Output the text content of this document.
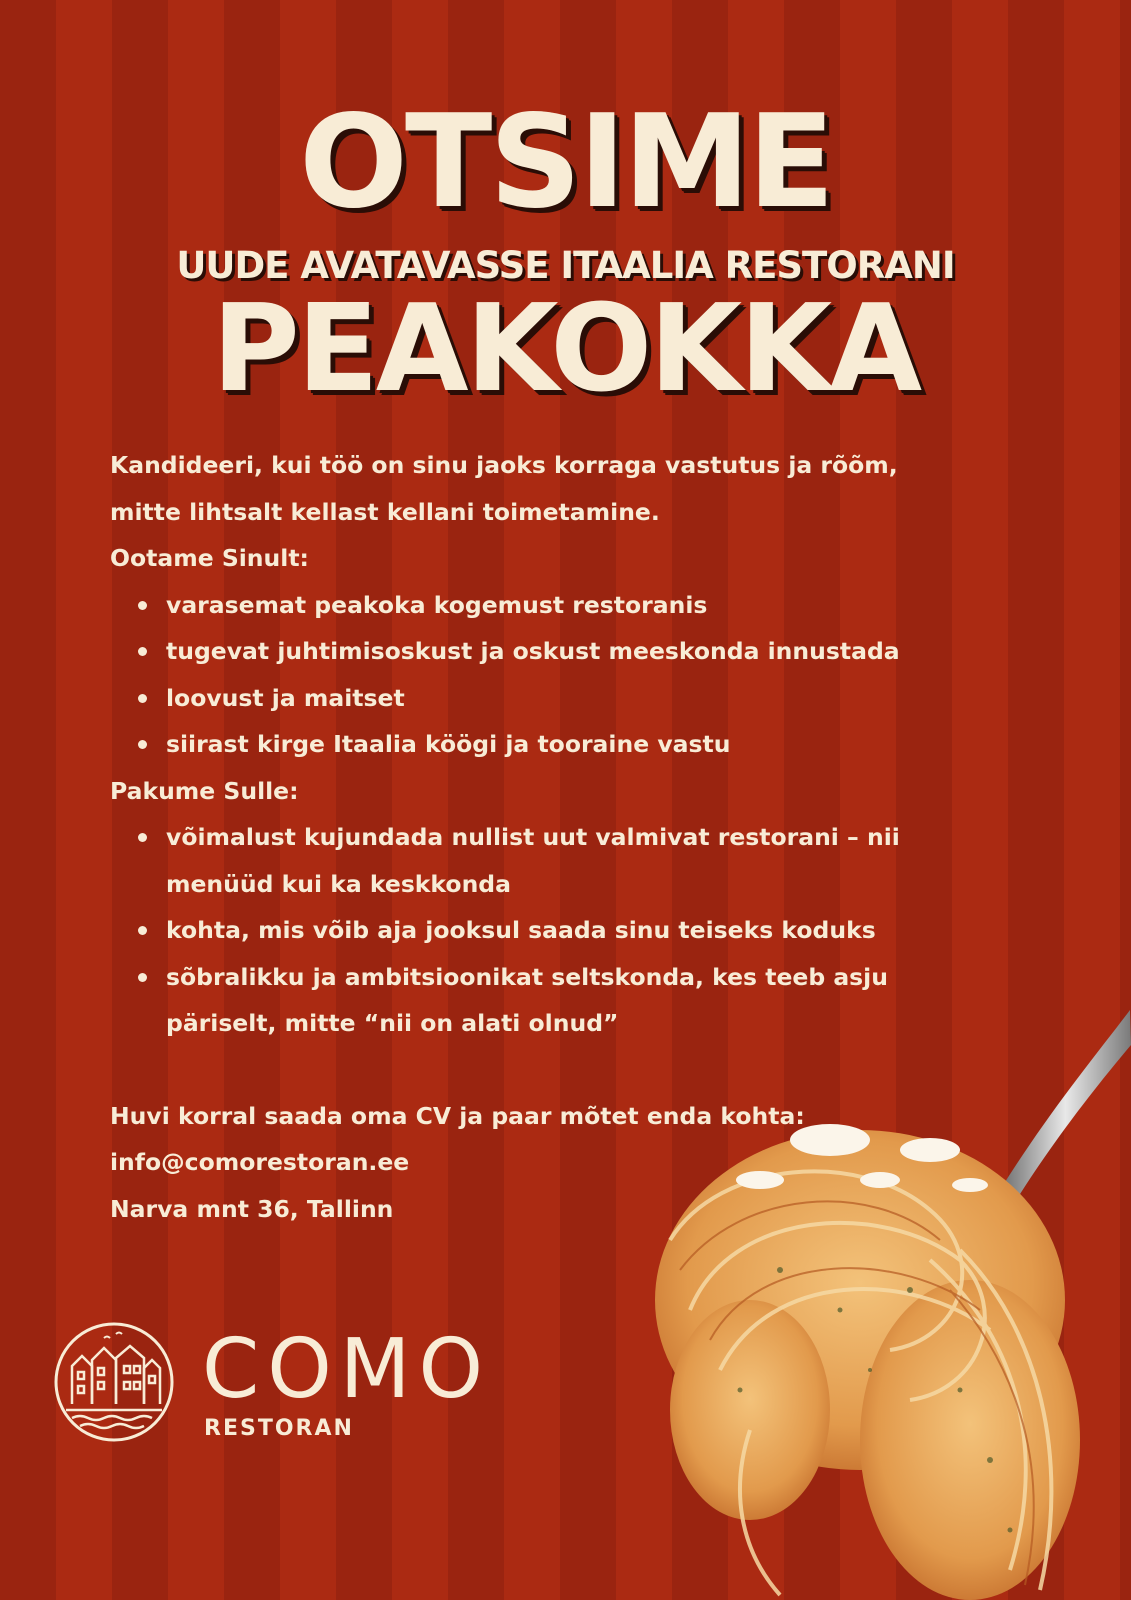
OTSIME
UUDE AVATAVASSE ITAALIA RESTORANI
PEAKOKKA

Kandideeri, kui töö on sinu jaoks korraga vastutus ja rõõm,

mitte lihtsalt kellast kellani toimetamine.

Ootame Sinult:

varasemat peakoka kogemust restoranis
tugevat juhtimisoskust ja oskust meeskonda innustada
loovust ja maitset
siirast kirge Itaalia köögi ja tooraine vastu

Pakume Sulle:

võimalust kujundada nullist uut valmivat restorani – nii
menüüd kui ka keskkonda
kohta, mis võib aja jooksul saada sinu teiseks koduks
sõbralikku ja ambitsioonikat seltskonda, kes teeb asju
päriselt, mitte “nii on alati olnud”

Huvi korral saada oma CV ja paar mõtet enda kohta:

info@comorestoran.ee

Narva mnt 36, Tallinn

COMO
RESTORAN
